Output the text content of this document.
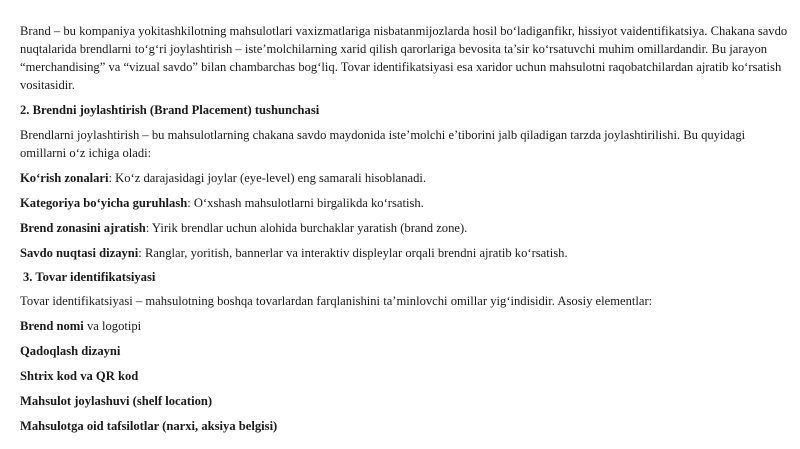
Brand – bu kompaniya yokitashkilotning mahsulotlari vaxizmatlariga nisbatanmijozlarda hosil bo‘ladiganfikr, hissiyot vaidentifikatsiya. Chakana savdo nuqtalarida brendlarni to‘g‘ri joylashtirish – iste’molchilarning xarid qilish qarorlariga bevosita ta’sir ko‘rsatuvchi muhim omillardandir. Bu jarayon “merchandising” va “vizual savdo” bilan chambarchas bog‘liq. Tovar identifikatsiyasi esa xaridor uchun mahsulotni raqobatchilardan ajratib ko‘rsatish vositasidir.

2. Brendni joylashtirish (Brand Placement) tushunchasi

Brendlarni joylashtirish – bu mahsulotlarning chakana savdo maydonida iste’molchi e’tiborini jalb qiladigan tarzda joylashtirilishi. Bu quyidagi omillarni o‘z ichiga oladi:

Ko‘rish zonalari: Ko‘z darajasidagi joylar (eye-level) eng samarali hisoblanadi.

Kategoriya bo‘yicha guruhlash: O‘xshash mahsulotlarni birgalikda ko‘rsatish.

Brend zonasini ajratish: Yirik brendlar uchun alohida burchaklar yaratish (brand zone).

Savdo nuqtasi dizayni: Ranglar, yoritish, bannerlar va interaktiv displeylar orqali brendni ajratib ko‘rsatish.

3. Tovar identifikatsiyasi

Tovar identifikatsiyasi – mahsulotning boshqa tovarlardan farqlanishini ta’minlovchi omillar yig‘indisidir. Asosiy elementlar:

Brend nomi va logotipi

Qadoqlash dizayni

Shtrix kod va QR kod

Mahsulot joylashuvi (shelf location)

Mahsulotga oid tafsilotlar (narxi, aksiya belgisi)
